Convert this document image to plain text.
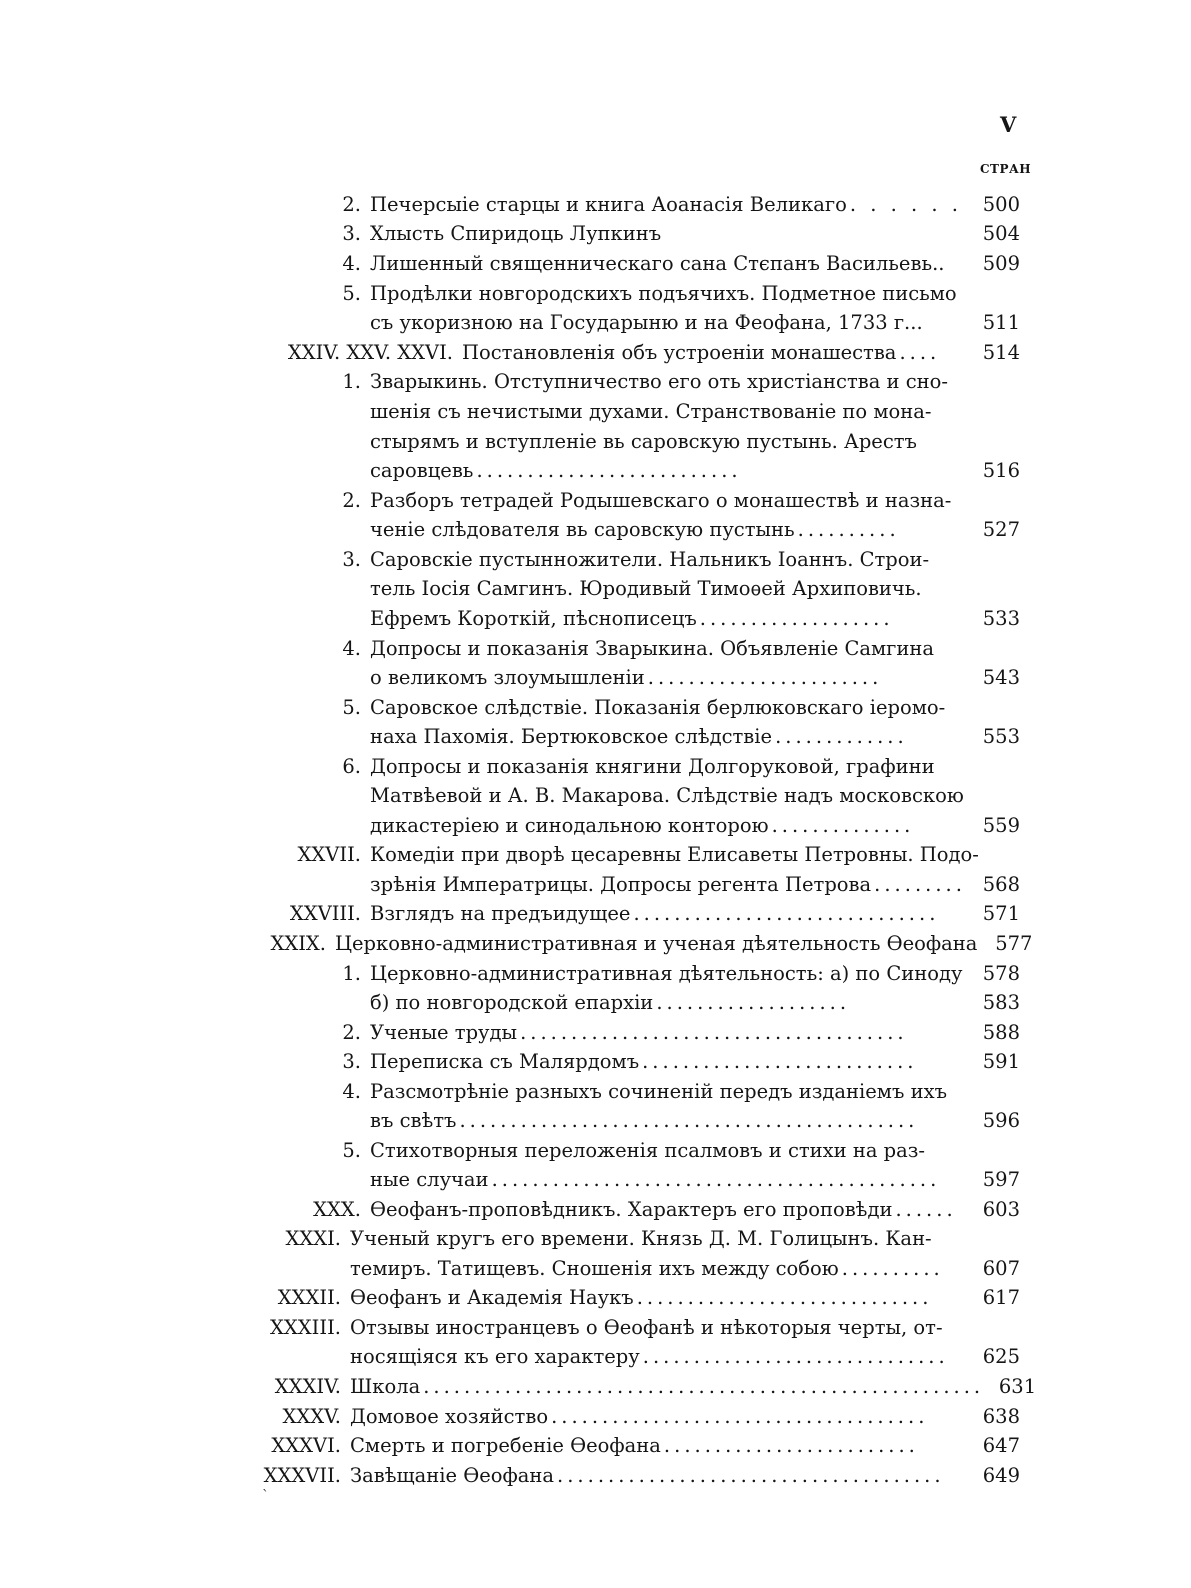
V
СТРАН
2. Печерсыіе старцы и книга Аоанасія Великаго . . . . . .	500
3. Хлысть Спиридоць Лупкинъ	504
4. Лишенный священническаго сана Стєпанъ Васильевь..	509
5. Продѣлки новгородскихъ подъячихъ. Подметное письмо
съ укоризною на Государыню и на Феофана, 1733 г...	511
XXIV. XXV. XXVI. Постановленія объ устроеніи монашества ....	514
1. Зварыкинь. Отступничество его оть христіанства и сно-
шенія съ нечистыми духами. Странствованіе по мона-
стырямъ и вступленіе вь саровскую пустынь. Арестъ
саровцевь ..........................	516
2. Разборъ тетрадей Родышевскаго о монашествѣ и назна-
ченіе слѣдователя вь саровскую пустынь ..........	527
3. Саровскіе пустынножители. Нальникъ Іоаннъ. Строи-
тель Іосія Самгинъ. Юродивый Тимоѳей Архиповичь.
Ефремъ Короткій, пѣснописецъ ...................	533
4. Допросы и показанія Зварыкина. Объявленіе Самгина
о великомъ злоумышленіи .......................	543
5. Саровское слѣдствіе. Показанія берлюковскаго іеромо-
наха Пахомія. Бертюковское слѣдствіе .............	553
6. Допросы и показанія княгини Долгоруковой, графини
Матвѣевой и А. В. Макарова. Слѣдствіе надъ московскою
дикастеріею и синодальною конторою ..............	559
XXVII. Комедіи при дворѣ цесаревны Елисаветы Петровны. Подо-
зрѣнія Императрицы. Допросы регента Петрова ......... 568
XXVIII. Взглядъ на предъидущее ..............................	571
XXIX. Церковно-административная и ученая дѣятельность Ѳеофана 577
1. Церковно-административная дѣятельность: а) по Синоду	578
б) по новгородской епархіи ...................	583
2. Ученые труды ......................................	588
3. Переписка съ Малярдомъ ...........................	591
4. Разсмотрѣніе разныхъ сочиненій передъ изданіемъ ихъ
въ свѣтъ .............................................	596
5. Стихотворныя переложенія псалмовъ и стихи на раз-
ные случаи ............................................	597
XXX. Ѳеофанъ-проповѣдникъ. Характеръ его проповѣди ......	603
XXXI. Ученый кругъ его времени. Князь Д. М. Голицынъ. Кан-
темиръ. Татищевъ. Сношенія ихъ между собою ..........	607
XXXII. Ѳеофанъ и Академія Наукъ .............................	617
XXXIII. Отзывы иностранцевъ о Ѳеофанѣ и нѣкоторыя черты, от-
носящіяся къ его характеру ..............................	625
XXXIV. Школа ....................................................... 631
XXXV. Домовое хозяйство .....................................	638
XXXVI. Смерть и погребеніе Ѳеофана .........................	647
XXXVII. Завѣщаніе Ѳеофана ......................................	649
`
